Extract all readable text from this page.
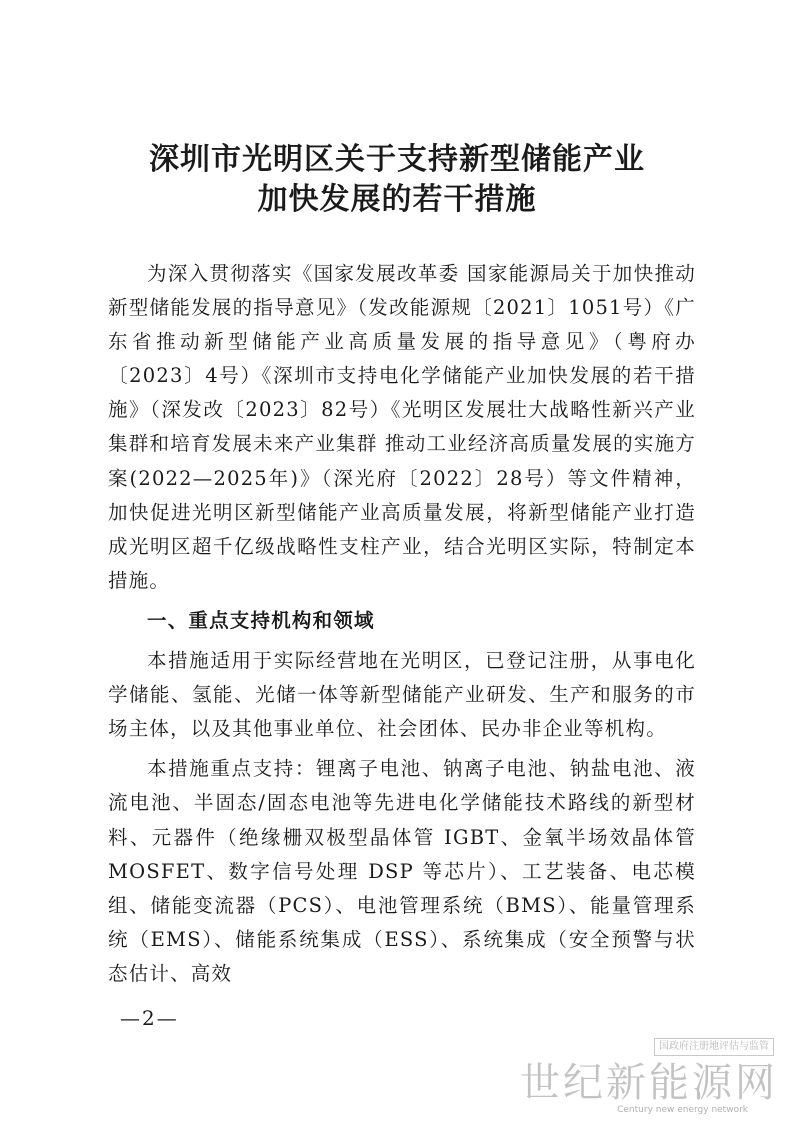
深圳市光明区关于支持新型储能产业
加快发展的若干措施

为深入贯彻落实《国家发展改革委 国家能源局关于加快推动新型储能发展的指导意见》（发改能源规〔2021〕1051号）《广东省推动新型储能产业高质量发展的指导意见》（粤府办〔2023〕4号）《深圳市支持电化学储能产业加快发展的若干措施》（深发改〔2023〕82号）《光明区发展壮大战略性新兴产业集群和培育发展未来产业集群 推动工业经济高质量发展的实施方案(2022—2025年)》（深光府〔2022〕28号）等文件精神，加快促进光明区新型储能产业高质量发展，将新型储能产业打造成光明区超千亿级战略性支柱产业，结合光明区实际，特制定本措施。

一、重点支持机构和领域

本措施适用于实际经营地在光明区，已登记注册，从事电化学储能、氢能、光储一体等新型储能产业研发、生产和服务的市场主体，以及其他事业单位、社会团体、民办非企业等机构。

本措施重点支持：锂离子电池、钠离子电池、钠盐电池、液流电池、半固态/固态电池等先进电化学储能技术路线的新型材料、元器件（绝缘栅双极型晶体管 IGBT、金氧半场效晶体管 MOSFET、数字信号处理 DSP 等芯片）、工艺装备、电芯模组、储能变流器（PCS）、电池管理系统（BMS）、能量管理系统（EMS）、储能系统集成（ESS）、系统集成（安全预警与状态估计、高效

—2—
国政府注册地评估与监管
世纪新能源网
Century new energy network
